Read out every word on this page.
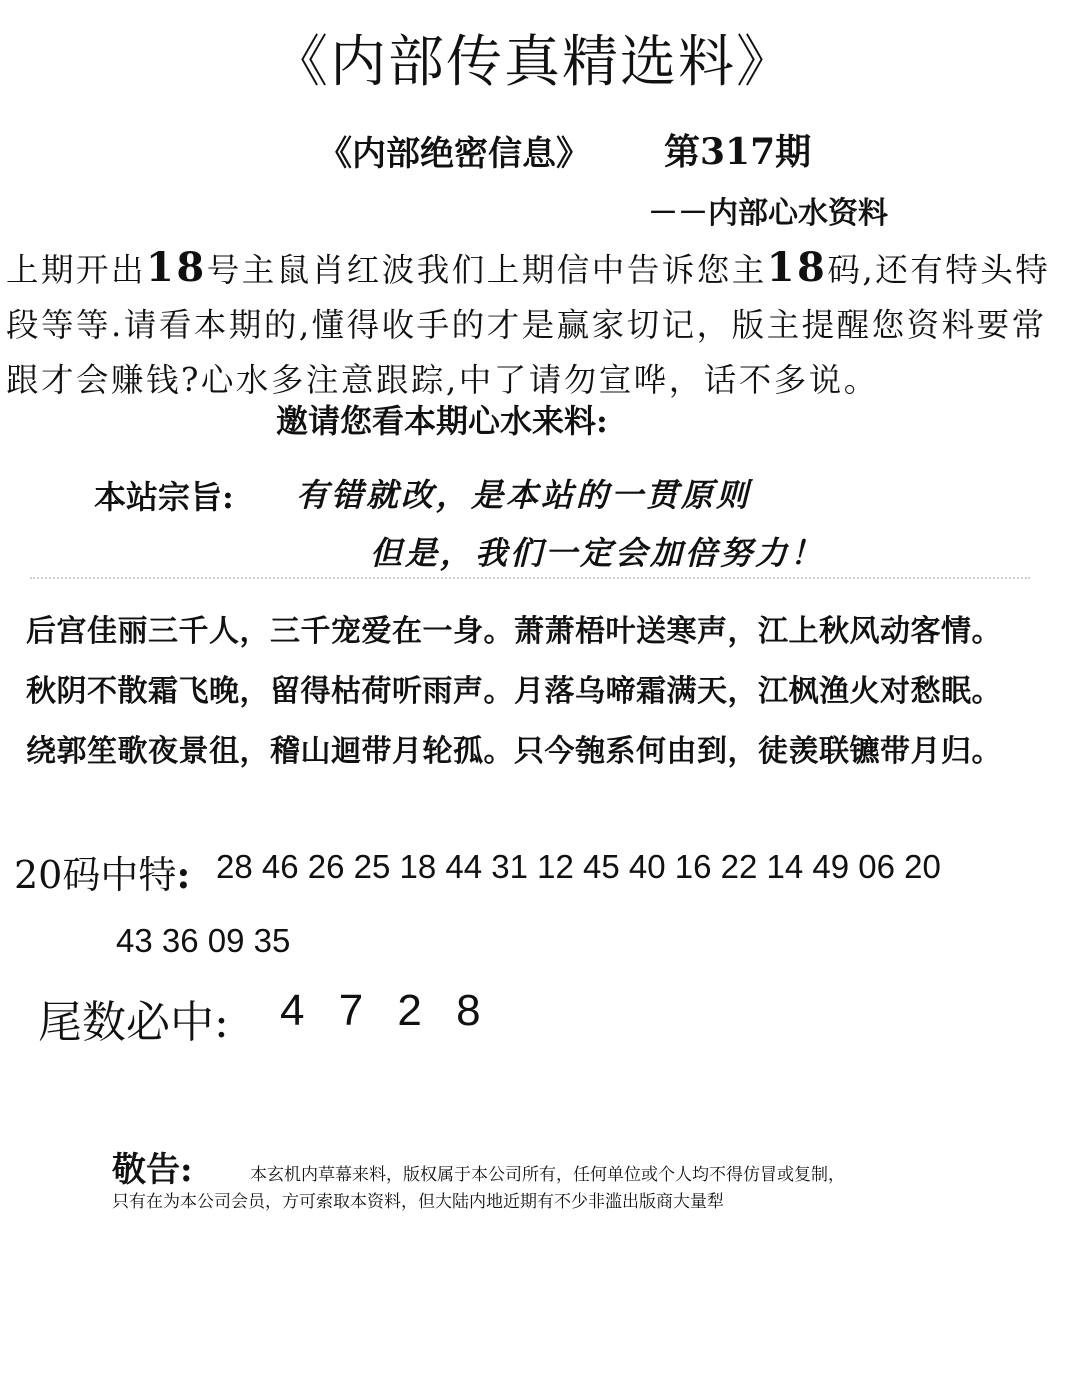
《内部传真精选料》
《内部绝密信息》 第317期
－－内部心水资料
上期开出18号主鼠肖红波我们上期信中告诉您主18码,还有特头特段等等.请看本期的,懂得收手的才是赢家切记，版主提醒您资料要常跟才会赚钱?心水多注意跟踪,中了请勿宣哗，话不多说。
邀请您看本期心水来料:
本站宗旨: 有错就改，是本站的一贯原则
但是，我们一定会加倍努力！
后宫佳丽三千人，三千宠爱在一身。萧萧梧叶送寒声，江上秋风动客情。
秋阴不散霜飞晚，留得枯荷听雨声。月落乌啼霜满天，江枫渔火对愁眠。
绕郭笙歌夜景徂，稽山迴带月轮孤。只今匏系何由到，徒羡联镳带月归。
20码中特: 28 46 26 25 18 44 31 12 45 40 16 22 14 49 06 20
43 36 09 35
尾数必中: 4 7 2 8
敬告:	本玄机内草幕来料，版权属于本公司所有，任何单位或个人均不得仿冒或复制，
只有在为本公司会员，方可索取本资料，但大陆内地近期有不少非滥出版商大量犁
